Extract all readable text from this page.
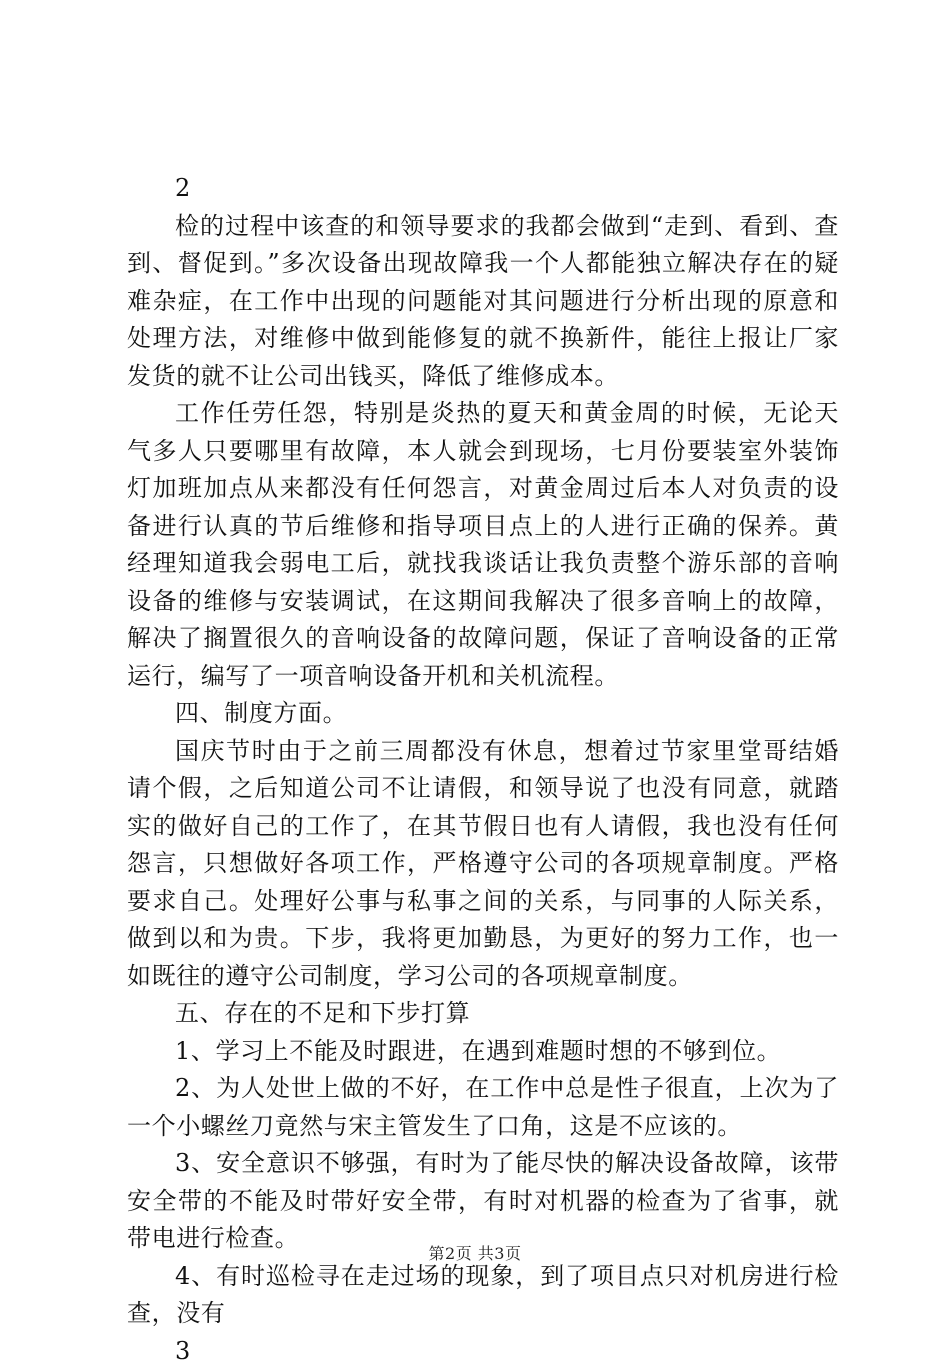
2

检的过程中该查的和领导要求的我都会做到“走到、看到、查到、督促到。”多次设备出现故障我一个人都能独立解决存在的疑难杂症，在工作中出现的问题能对其问题进行分析出现的原意和处理方法，对维修中做到能修复的就不换新件，能往上报让厂家发货的就不让公司出钱买，降低了维修成本。

工作任劳任怨，特别是炎热的夏天和黄金周的时候，无论天气多人只要哪里有故障，本人就会到现场，七月份要装室外装饰灯加班加点从来都没有任何怨言，对黄金周过后本人对负责的设备进行认真的节后维修和指导项目点上的人进行正确的保养。黄经理知道我会弱电工后，就找我谈话让我负责整个游乐部的音响设备的维修与安装调试，在这期间我解决了很多音响上的故障，解决了搁置很久的音响设备的故障问题，保证了音响设备的正常运行，编写了一项音响设备开机和关机流程。

四、制度方面。

国庆节时由于之前三周都没有休息，想着过节家里堂哥结婚请个假，之后知道公司不让请假，和领导说了也没有同意，就踏实的做好自己的工作了，在其节假日也有人请假，我也没有任何怨言，只想做好各项工作，严格遵守公司的各项规章制度。严格要求自己。处理好公事与私事之间的关系，与同事的人际关系，做到以和为贵。下步，我将更加勤恳，为更好的努力工作，也一如既往的遵守公司制度，学习公司的各项规章制度。

五、存在的不足和下步打算

1、学习上不能及时跟进，在遇到难题时想的不够到位。

2、为人处世上做的不好，在工作中总是性子很直，上次为了一个小螺丝刀竟然与宋主管发生了口角，这是不应该的。

3、安全意识不够强，有时为了能尽快的解决设备故障，该带安全带的不能及时带好安全带，有时对机器的检查为了省事，就带电进行检查。

4、有时巡检寻在走过场的现象，到了项目点只对机房进行检查，没有

3

第2页 共3页
